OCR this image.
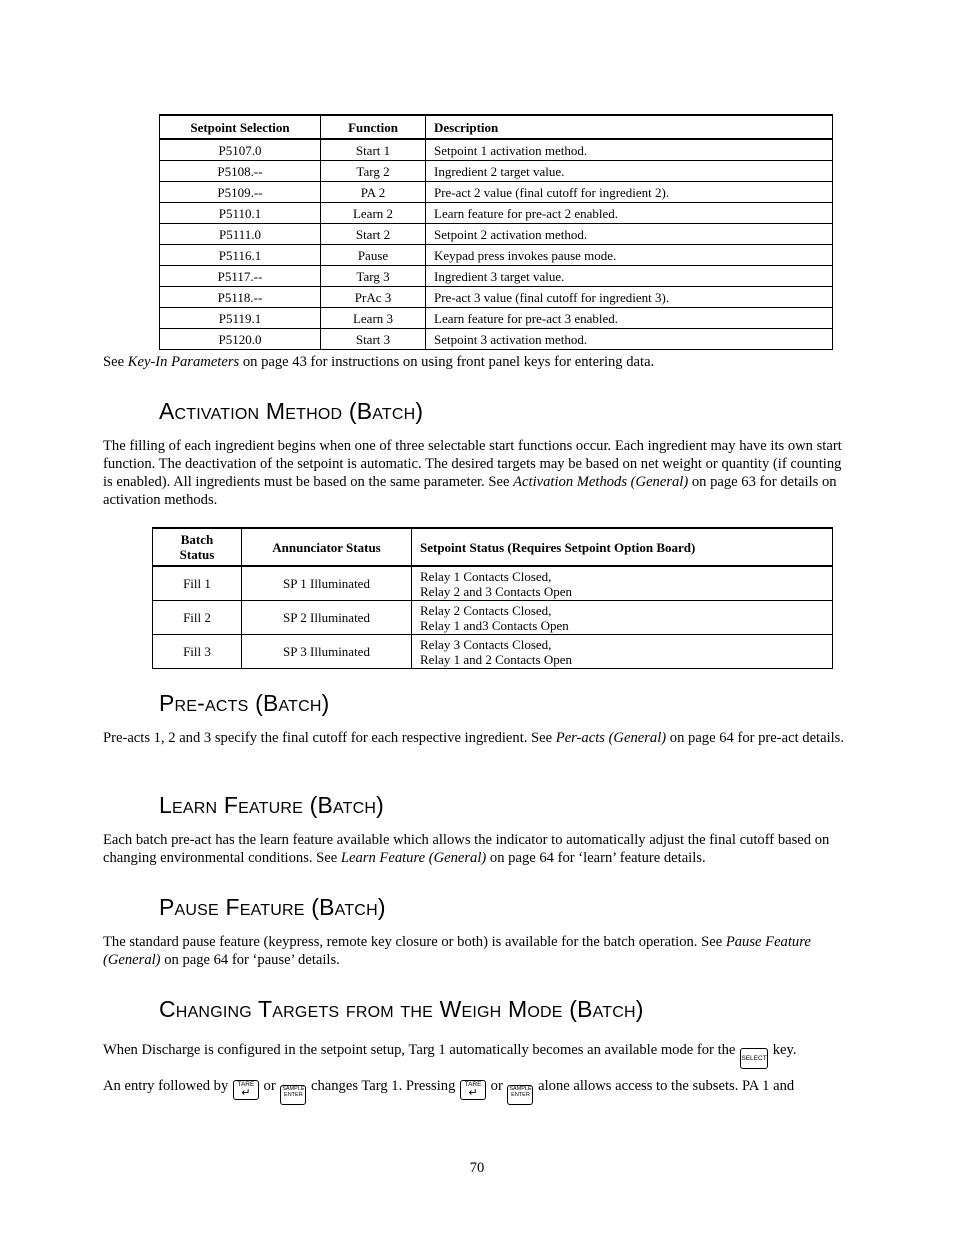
Setpoint Selection	Function	Description
P5107.0	Start 1	Setpoint 1 activation method.
P5108.--	Targ 2	Ingredient 2 target value.
P5109.--	PA 2	Pre-act 2 value (final cutoff for ingredient 2).
P5110.1	Learn 2	Learn feature for pre-act 2 enabled.
P5111.0	Start 2	Setpoint 2 activation method.
P5116.1	Pause	Keypad press invokes pause mode.
P5117.--	Targ 3	Ingredient 3 target value.
P5118.--	PrAc 3	Pre-act 3 value (final cutoff for ingredient 3).
P5119.1	Learn 3	Learn feature for pre-act 3 enabled.
P5120.0	Start 3	Setpoint 3 activation method.

See Key-In Parameters on page 43 for instructions on using front panel keys for entering data.

Activation Method (Batch)

The filling of each ingredient begins when one of three selectable start functions occur. Each ingredient may have its own start function. The deactivation of the setpoint is automatic. The desired targets may be based on net weight or quantity (if counting is enabled). All ingredients must be based on the same parameter. See Activation Methods (General) on page 63 for details on activation methods.

Batch Status	Annunciator Status	Setpoint Status (Requires Setpoint Option Board)
Fill 1	SP 1 Illuminated	Relay 1 Contacts Closed,
Relay 2 and 3 Contacts Open

Fill 2	SP 2 Illuminated	Relay 2 Contacts Closed,
Relay 1 and3 Contacts Open

Fill 3	SP 3 Illuminated	Relay 3 Contacts Closed,
Relay 1 and 2 Contacts Open
Pre-acts (Batch)

Pre-acts 1, 2 and 3 specify the final cutoff for each respective ingredient. See Per-acts (General) on page 64 for pre-act details.

Learn Feature (Batch)

Each batch pre-act has the learn feature available which allows the indicator to automatically adjust the final cutoff based on changing environmental conditions. See Learn Feature (General) on page 64 for ‘learn’ feature details.

Pause Feature (Batch)

The standard pause feature (keypress, remote key closure or both) is available for the batch operation. See Pause Feature (General) on page 64 for ‘pause’ details.

Changing Targets from the Weigh Mode (Batch)

When Discharge is configured in the setpoint setup, Targ 1 automatically becomes an available mode for the SELECT key.

An entry followed by TARE
↵ or SAMPLE
ENTER
changes Targ 1. Pressing TARE
↵ or SAMPLE
ENTER
alone allows access to the subsets. PA 1 and

70
